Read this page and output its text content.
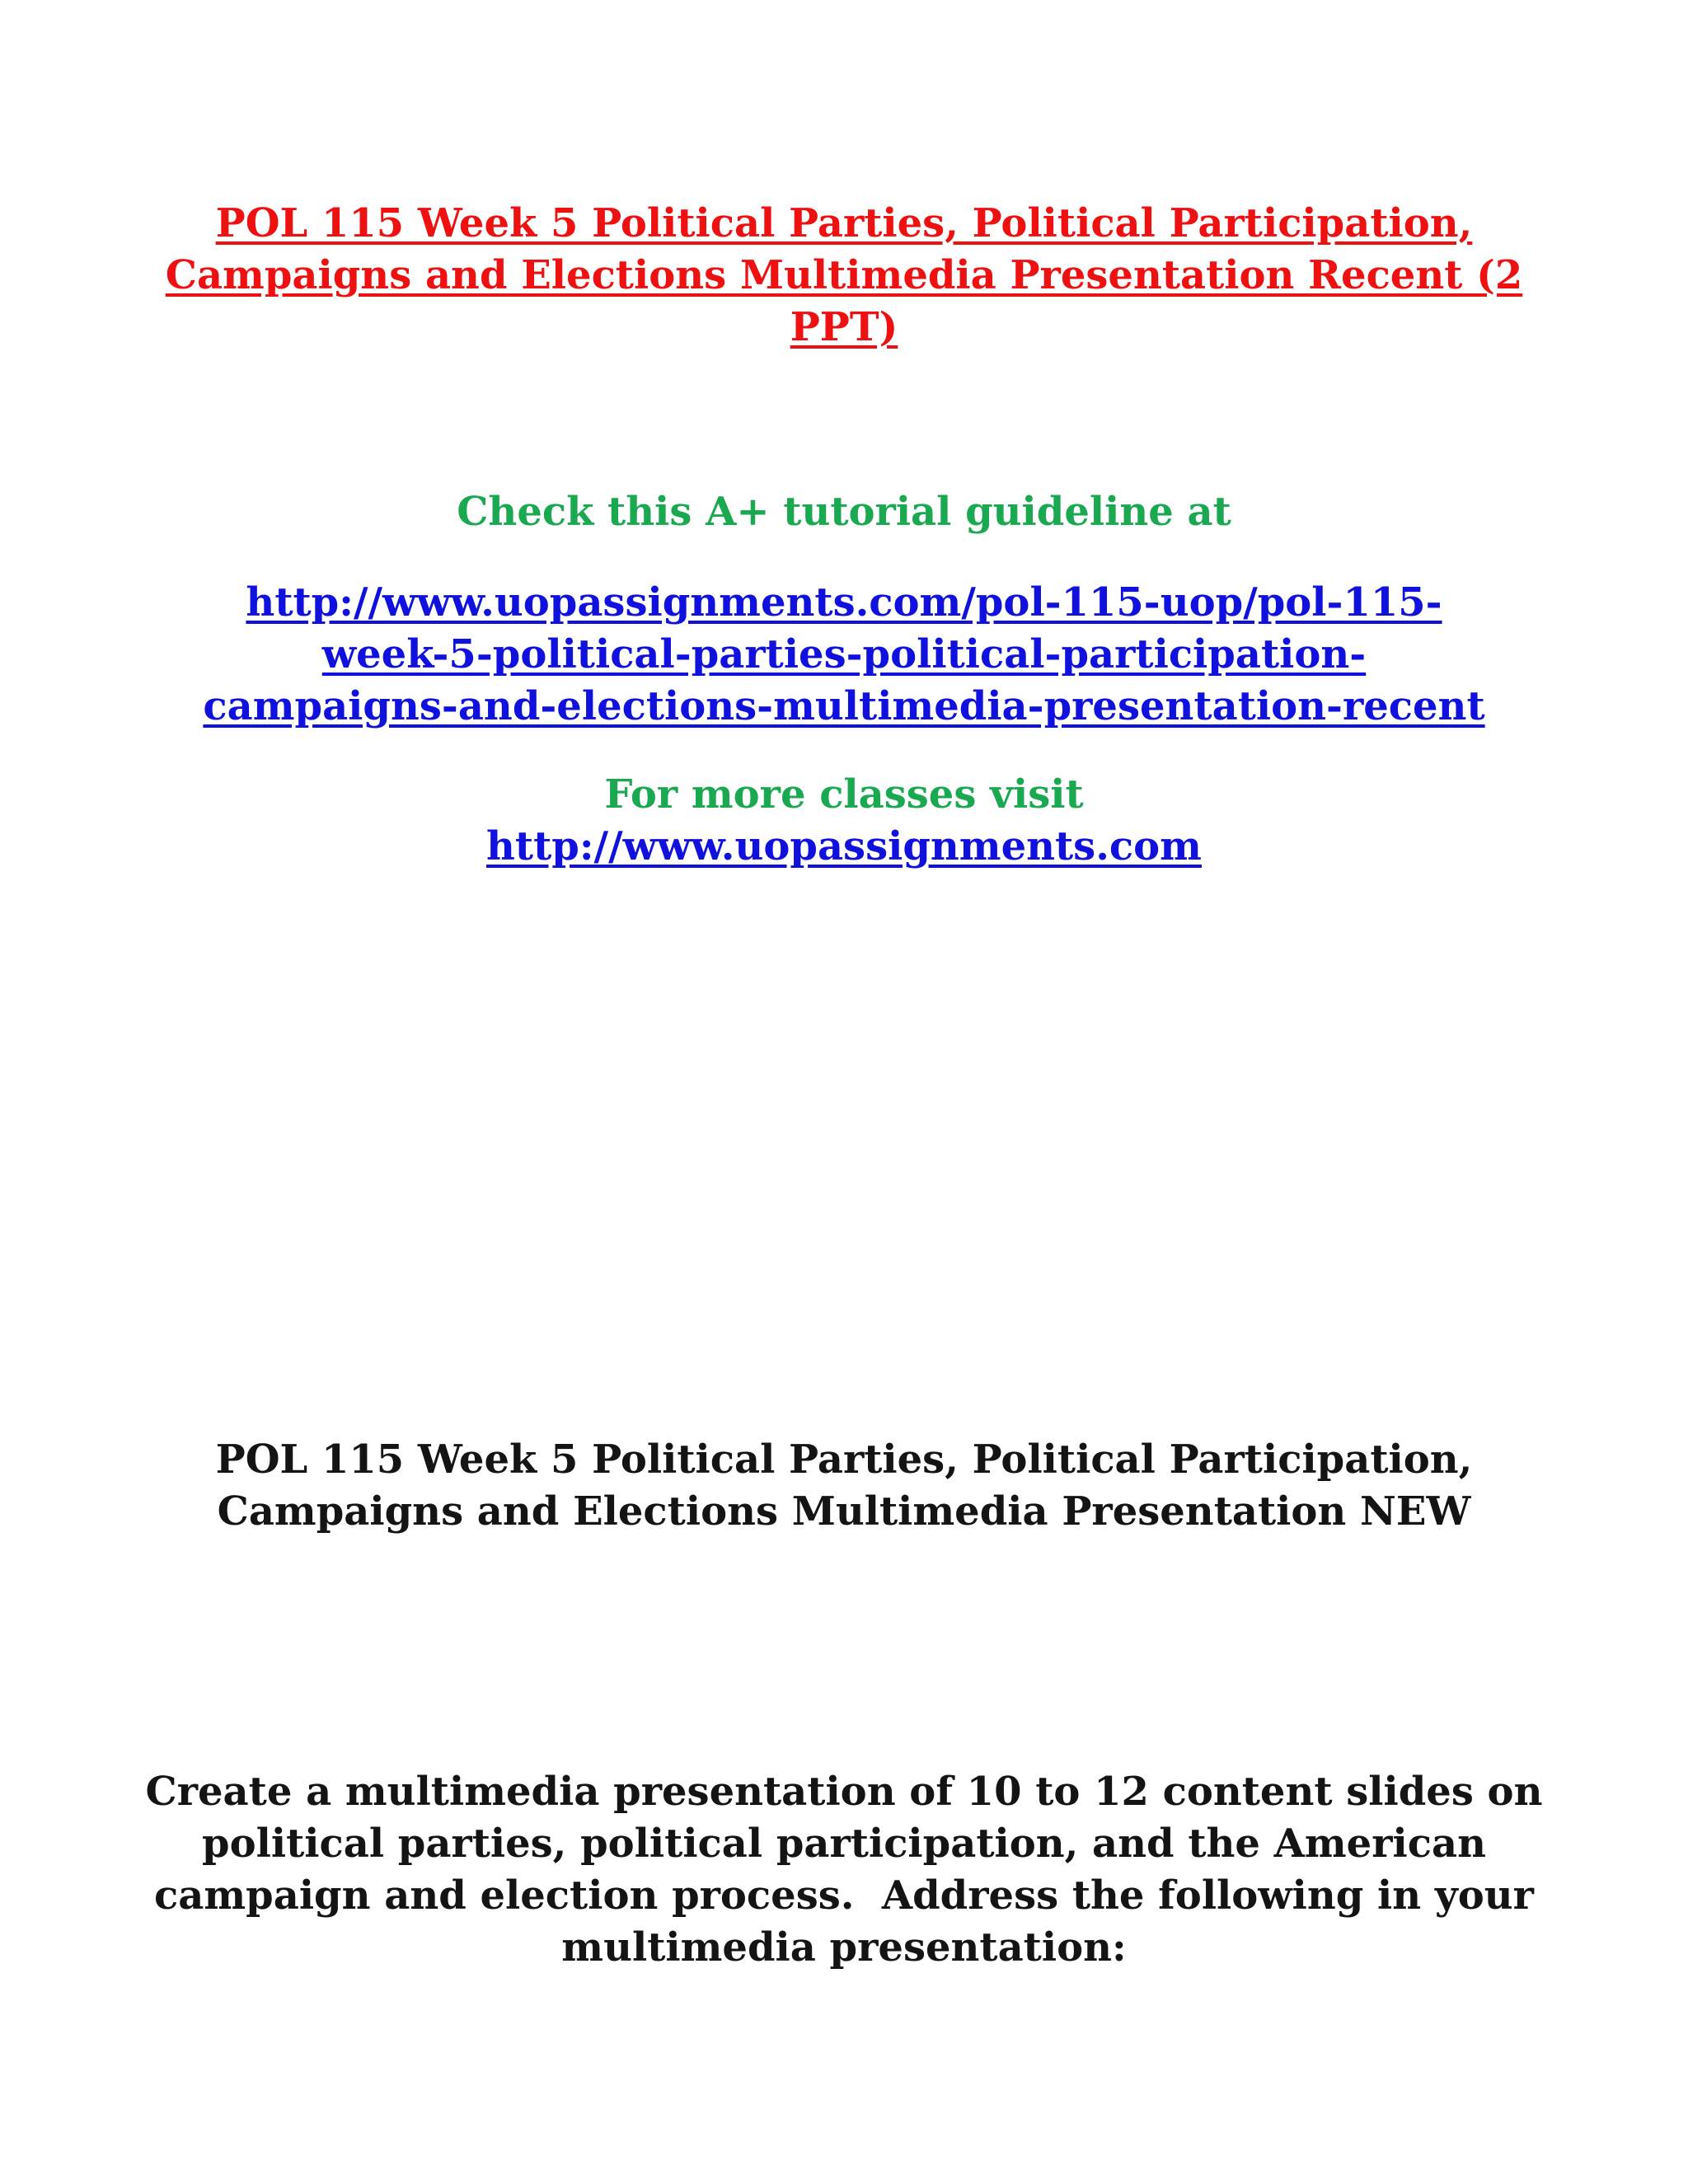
POL 115 Week 5 Political Parties, Political Participation,
Campaigns and Elections Multimedia Presentation Recent (2
PPT)
Check this A+ tutorial guideline at
http://www.uopassignments.com/pol-115-uop/pol-115-
week-5-political-parties-political-participation-
campaigns-and-elections-multimedia-presentation-recent
For more classes visit
http://www.uopassignments.com
POL 115 Week 5 Political Parties, Political Participation,
Campaigns and Elections Multimedia Presentation NEW
Create a multimedia presentation of 10 to 12 content slides on
political parties, political participation, and the American
campaign and election process.  Address the following in your
multimedia presentation:
